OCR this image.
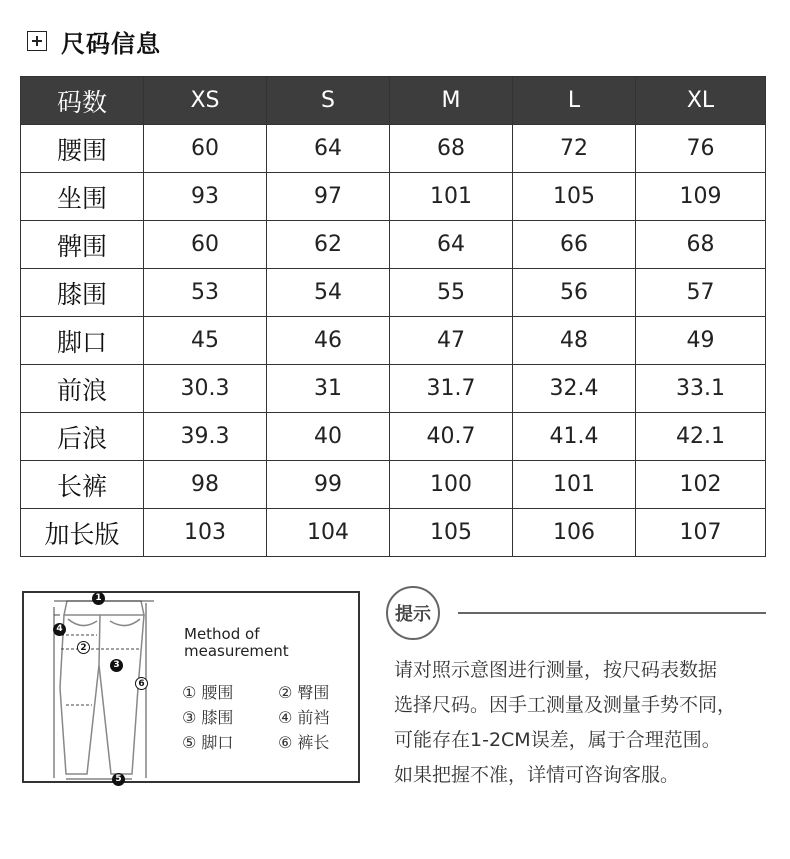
尺码信息
码数	XS	S	M	L	XL
腰围	60	64	68	72	76
坐围	93	97	101	105	109
髀围	60	62	64	66	68
膝围	53	54	55	56	57
脚口	45	46	47	48	49
前浪	30.3	31	31.7	32.4	33.1
后浪	39.3	40	40.7	41.4	42.1
长裤	98	99	100	101	102
加长版	103	104	105	106	107
1
2
3
4
5
6
Method of
measurement
① 腰围	② 臀围
③ 膝围	④ 前裆
⑤ 脚口	⑥ 裤长
提示
请对照示意图进行测量，按尺码表数据
选择尺码。因手工测量及测量手势不同，
可能存在1-2CM误差，属于合理范围。
如果把握不准，详情可咨询客服。
